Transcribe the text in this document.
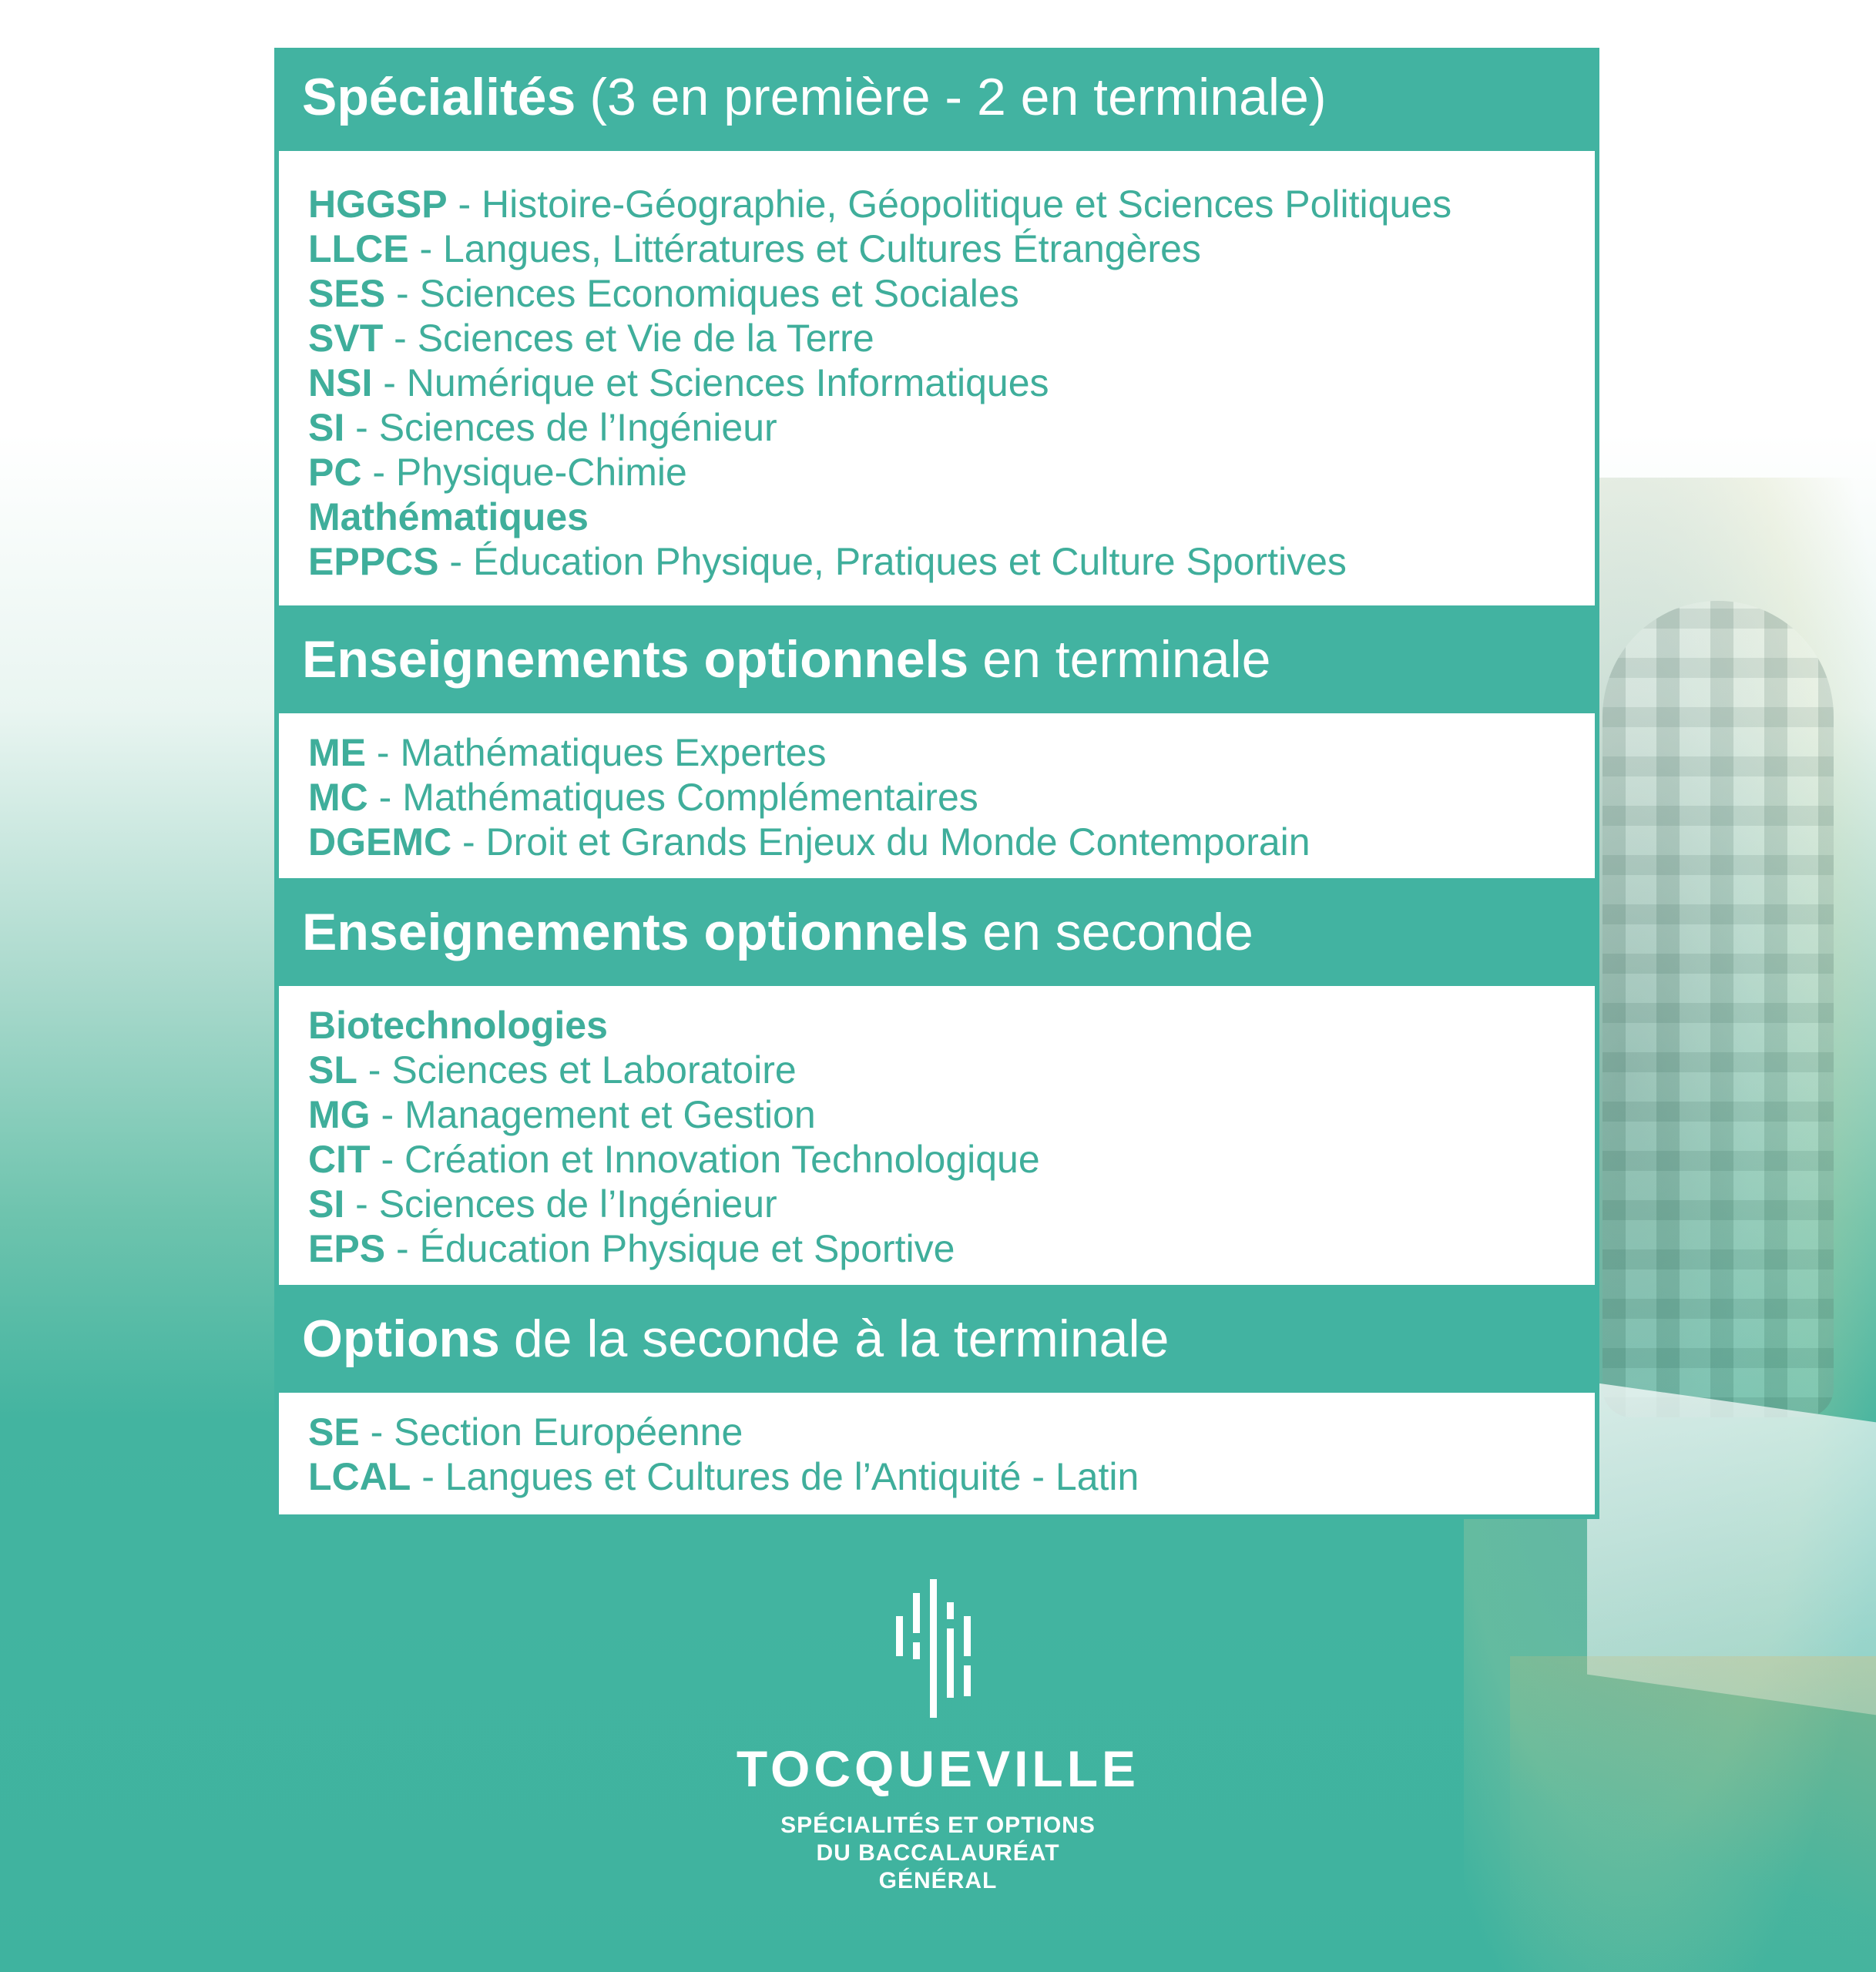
Spécialités (3 en première - 2 en terminale)
HGGSP - Histoire-Géographie, Géopolitique et Sciences Politiques
LLCE - Langues, Littératures et Cultures Étrangères
SES - Sciences Economiques et Sociales
SVT - Sciences et Vie de la Terre
NSI - Numérique et Sciences Informatiques
SI - Sciences de l’Ingénieur
PC - Physique-Chimie
Mathématiques
EPPCS - Éducation Physique, Pratiques et Culture Sportives
Enseignements optionnels en terminale
ME - Mathématiques Expertes
MC - Mathématiques Complémentaires
DGEMC - Droit et Grands Enjeux du Monde Contemporain
Enseignements optionnels en seconde
Biotechnologies
SL - Sciences et Laboratoire
MG - Management et Gestion
CIT - Création et Innovation Technologique
SI - Sciences de l’Ingénieur
EPS - Éducation Physique et Sportive
Options de la seconde à la terminale
SE - Section Européenne
LCAL - Langues et Cultures de l’Antiquité - Latin
TOCQUEVILLE
SPÉCIALITÉS ET OPTIONS
DU BACCALAURÉAT
GÉNÉRAL
